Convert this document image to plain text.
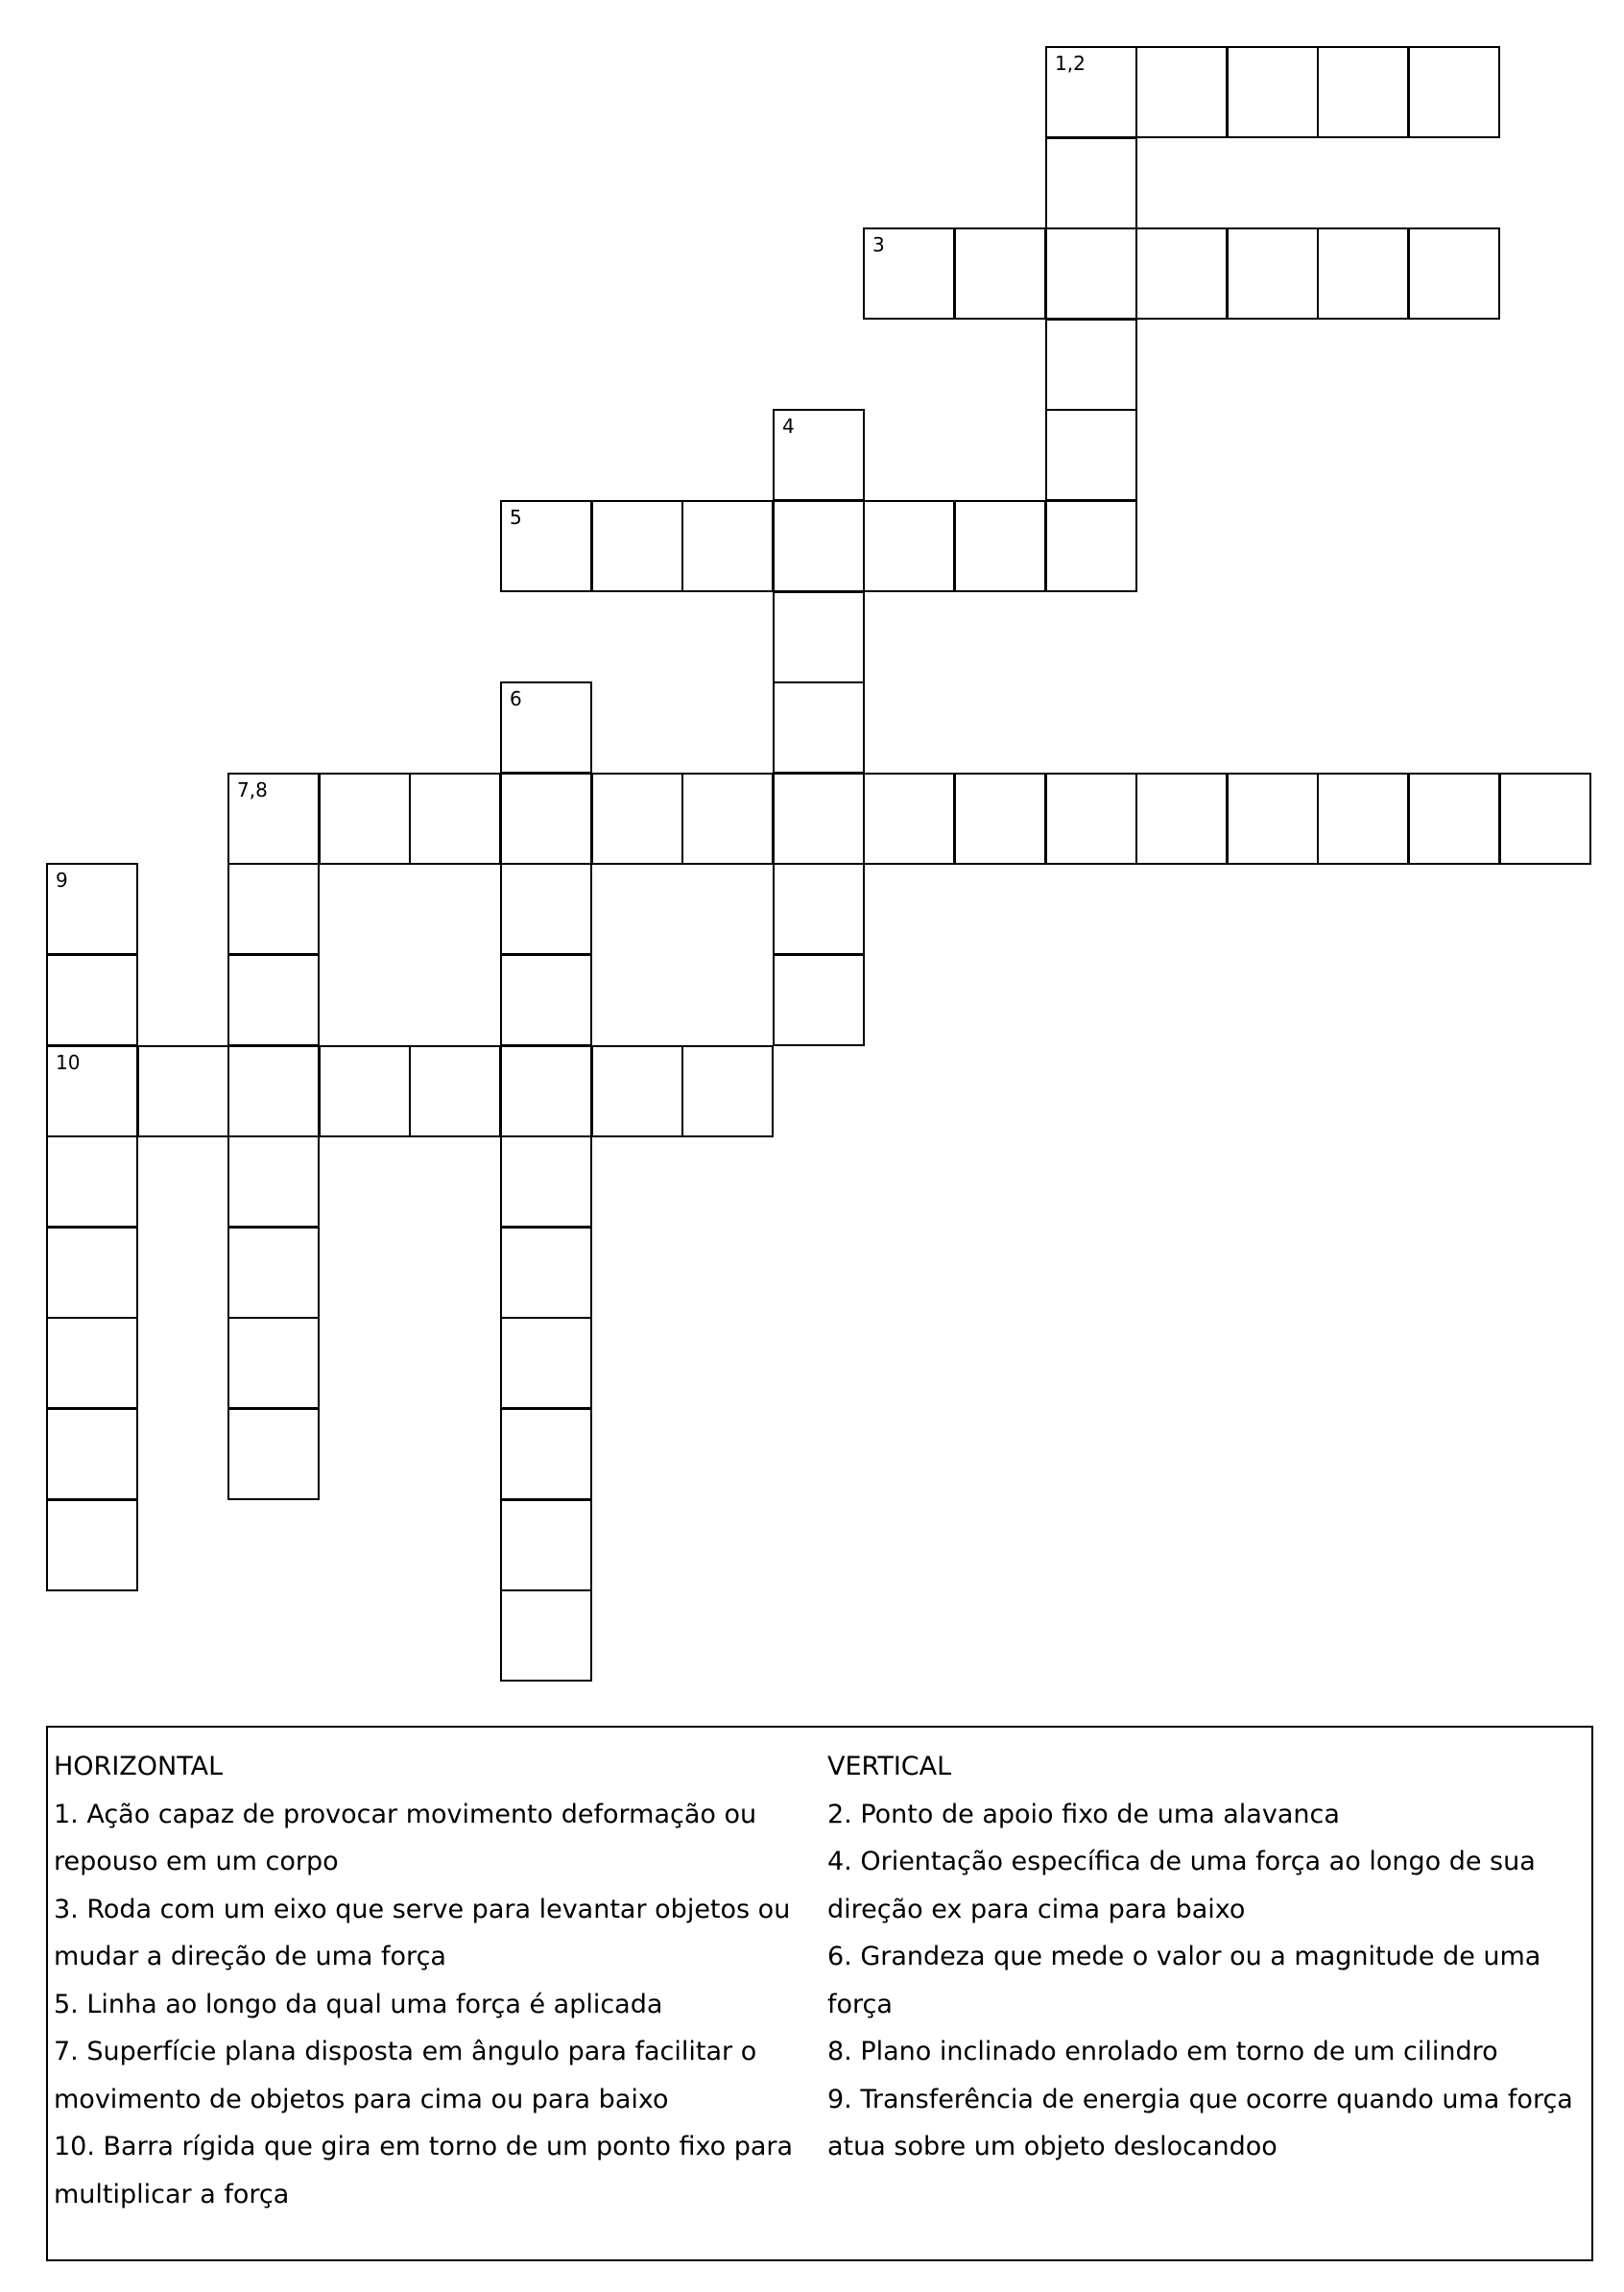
1,2
3
4
5
6
7,8
9
10
HORIZONTAL
1. Ação capaz de provocar movimento deformação ou
repouso em um corpo
3. Roda com um eixo que serve para levantar objetos ou
mudar a direção de uma força
5. Linha ao longo da qual uma força é aplicada
7. Superfície plana disposta em ângulo para facilitar o
movimento de objetos para cima ou para baixo
10. Barra rígida que gira em torno de um ponto fixo para
multiplicar a força
VERTICAL
2. Ponto de apoio fixo de uma alavanca
4. Orientação específica de uma força ao longo de sua
direção ex para cima para baixo
6. Grandeza que mede o valor ou a magnitude de uma
força
8. Plano inclinado enrolado em torno de um cilindro
9. Transferência de energia que ocorre quando uma força
atua sobre um objeto deslocandoo
